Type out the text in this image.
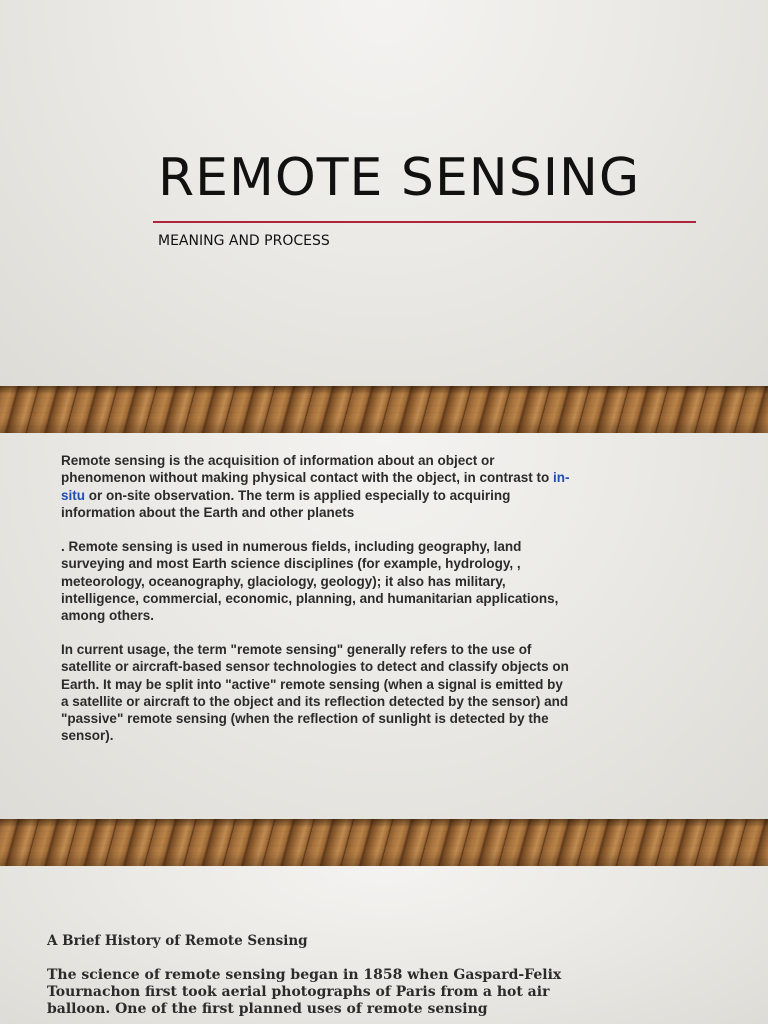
REMOTE SENSING

MEANING AND PROCESS

Remote sensing is the acquisition of information about an object or phenomenon without making physical contact with the object, in contrast to in-situ or on-site observation. The term is applied especially to acquiring information about the Earth and other planets

. Remote sensing is used in numerous fields, including geography, land surveying and most Earth science disciplines (for example, hydrology, , meteorology, oceanography, glaciology, geology); it also has military, intelligence, commercial, economic, planning, and humanitarian applications, among others.

In current usage, the term "remote sensing" generally refers to the use of satellite or aircraft-based sensor technologies to detect and classify objects on Earth. It may be split into "active" remote sensing (when a signal is emitted by a satellite or aircraft to the object and its reflection detected by the sensor) and "passive" remote sensing (when the reflection of sunlight is detected by the sensor).

A Brief History of Remote Sensing

The science of remote sensing began in 1858 when Gaspard-Felix Tournachon first took aerial photographs of Paris from a hot air balloon. One of the first planned uses of remote sensing
